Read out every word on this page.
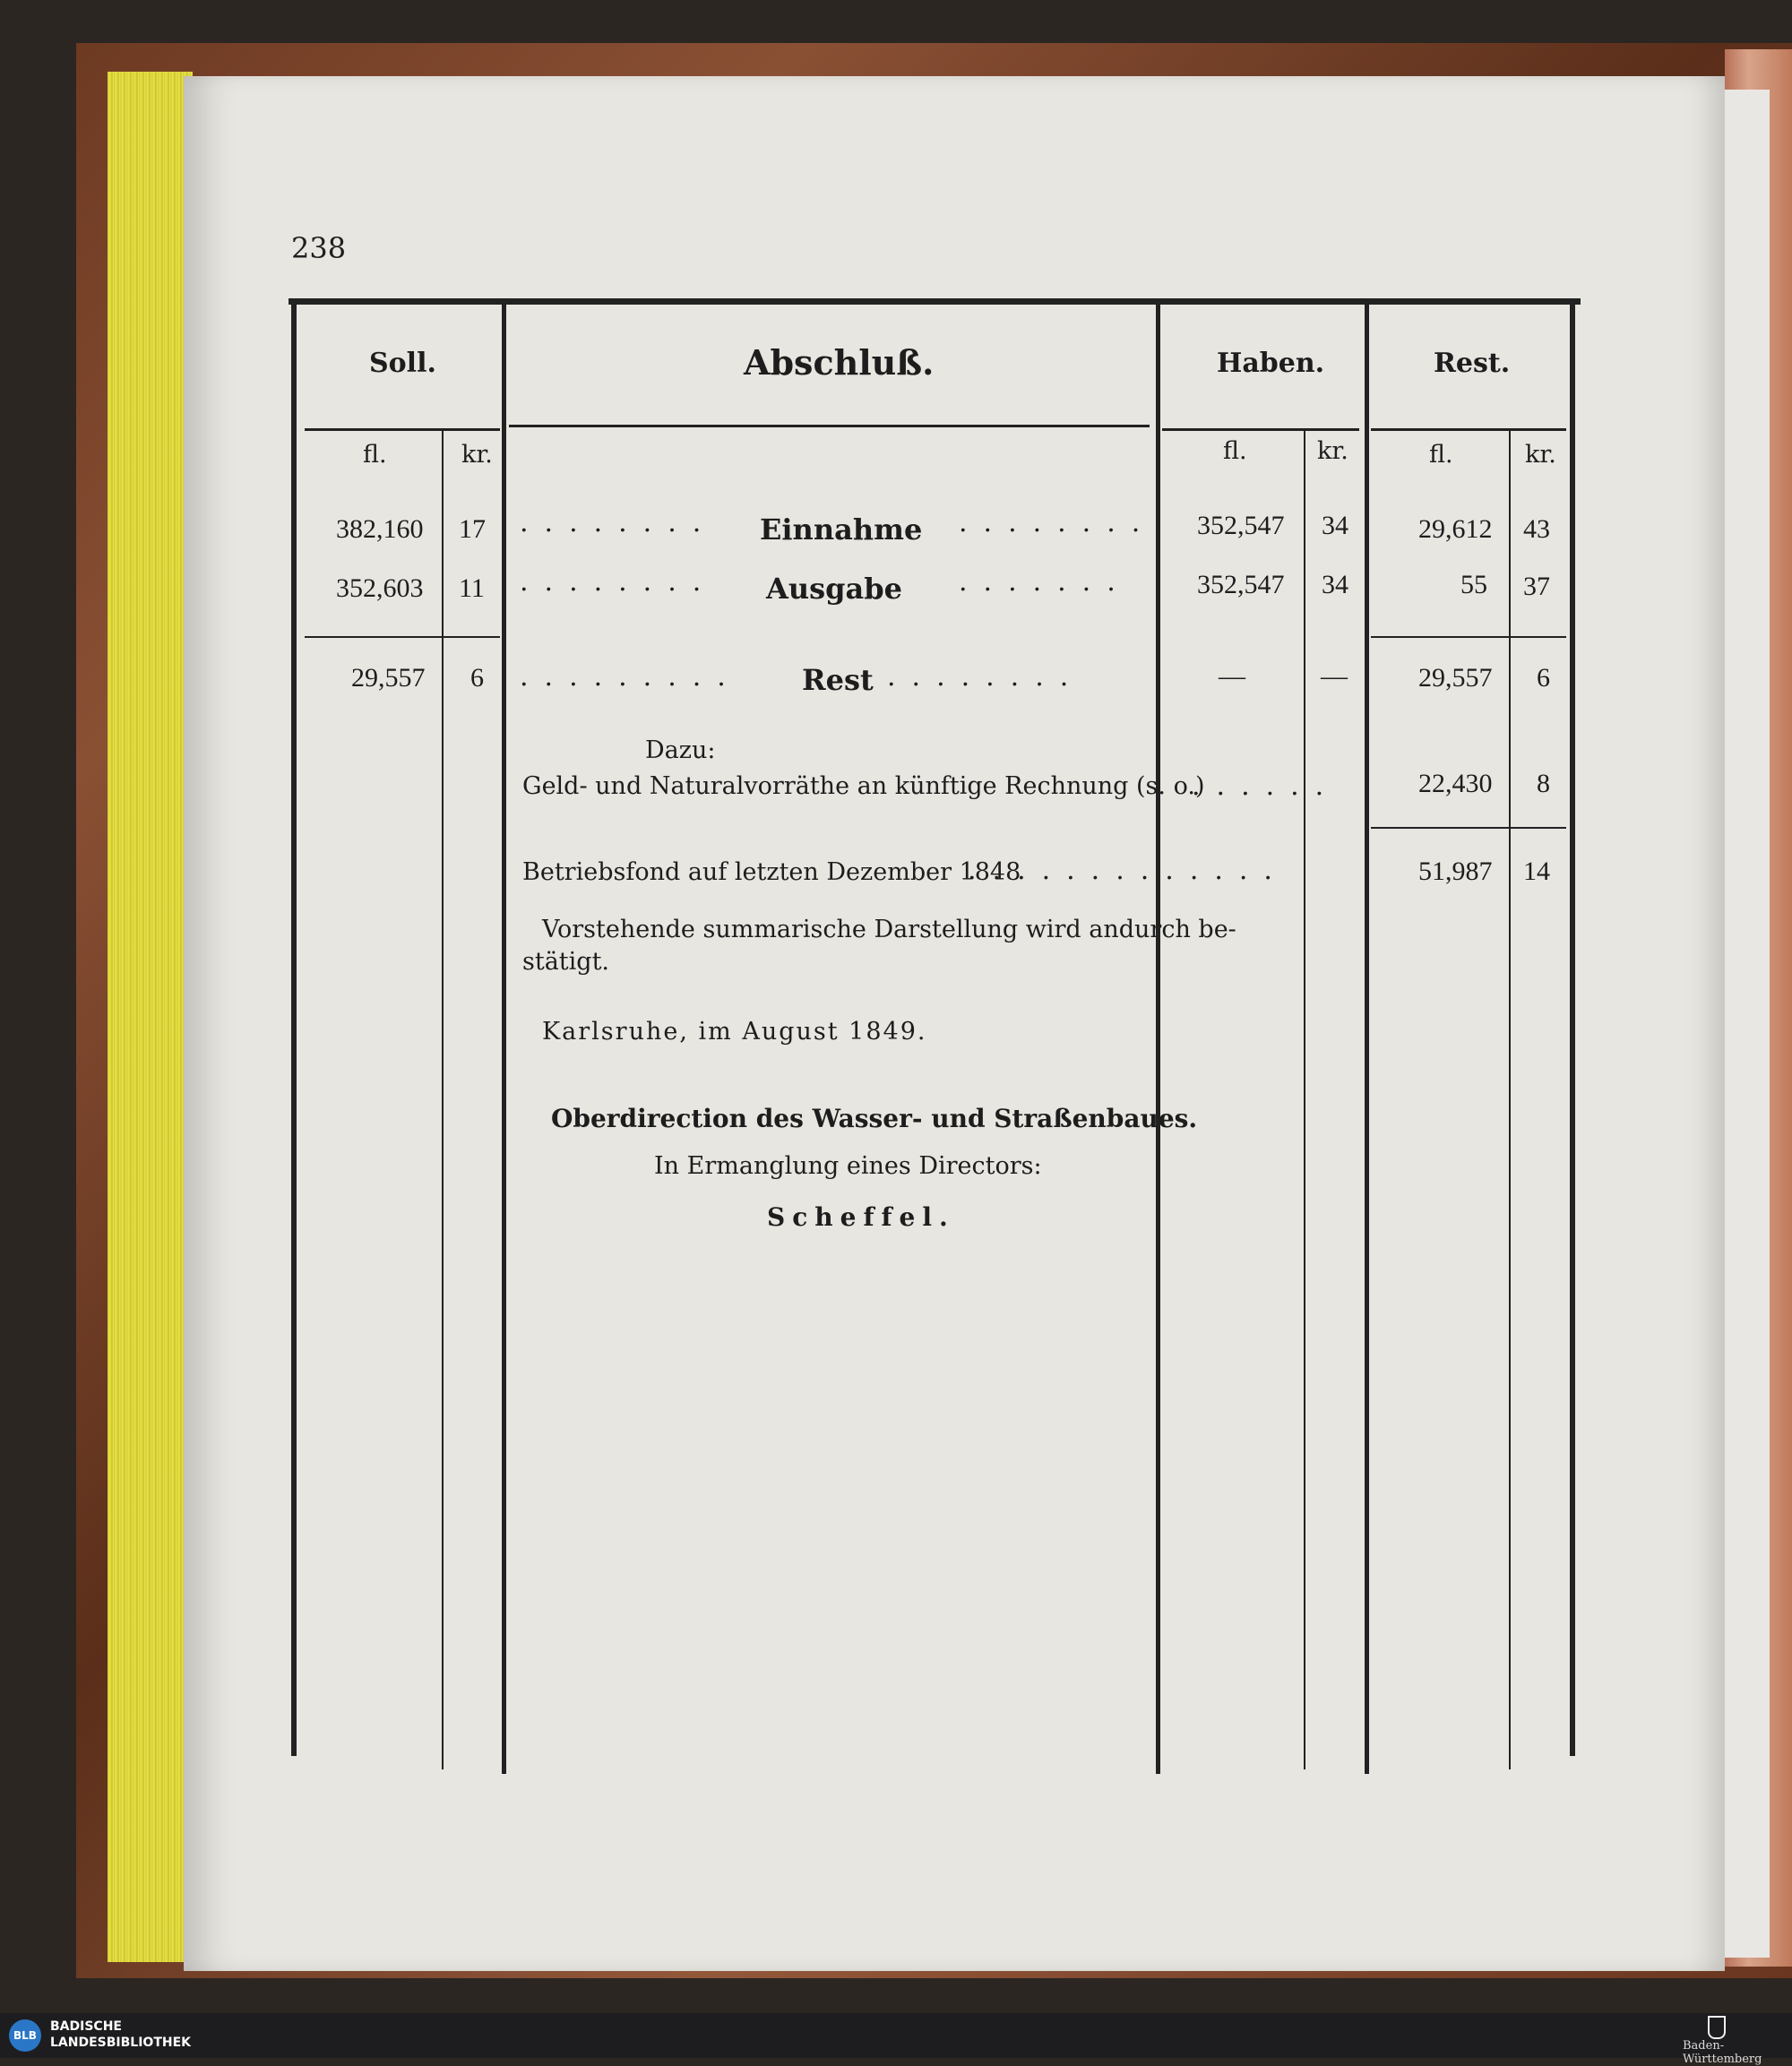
238
Soll.	Abschluß.	Haben.	Rest.
fl.	kr.	fl.	kr.	fl.	kr.
382,160 17 ........ Einnahme ........ 352,547 34	29,612 43
352,603 11 ........ Ausgabe ....... 352,547 34	55 37
29,557 6 ......... Rest ........	—	—	29,557 6
Dazu:
Geld- und Naturalvorräthe an künftige Rechnung (s. o.)
......	22,430 8
Betriebsfond auf letzten Dezember 1848
.............	51,987 14
Vorstehende summarische Darstellung wird andurch be-
stätigt.
Karlsruhe, im August 1849.
Oberdirection des Wasser- und Straßenbaues.
In Ermanglung eines Directors:
Scheffel.
BLB
BADISCHE
LANDESBIBLIOTHEK	Baden-Württemberg
